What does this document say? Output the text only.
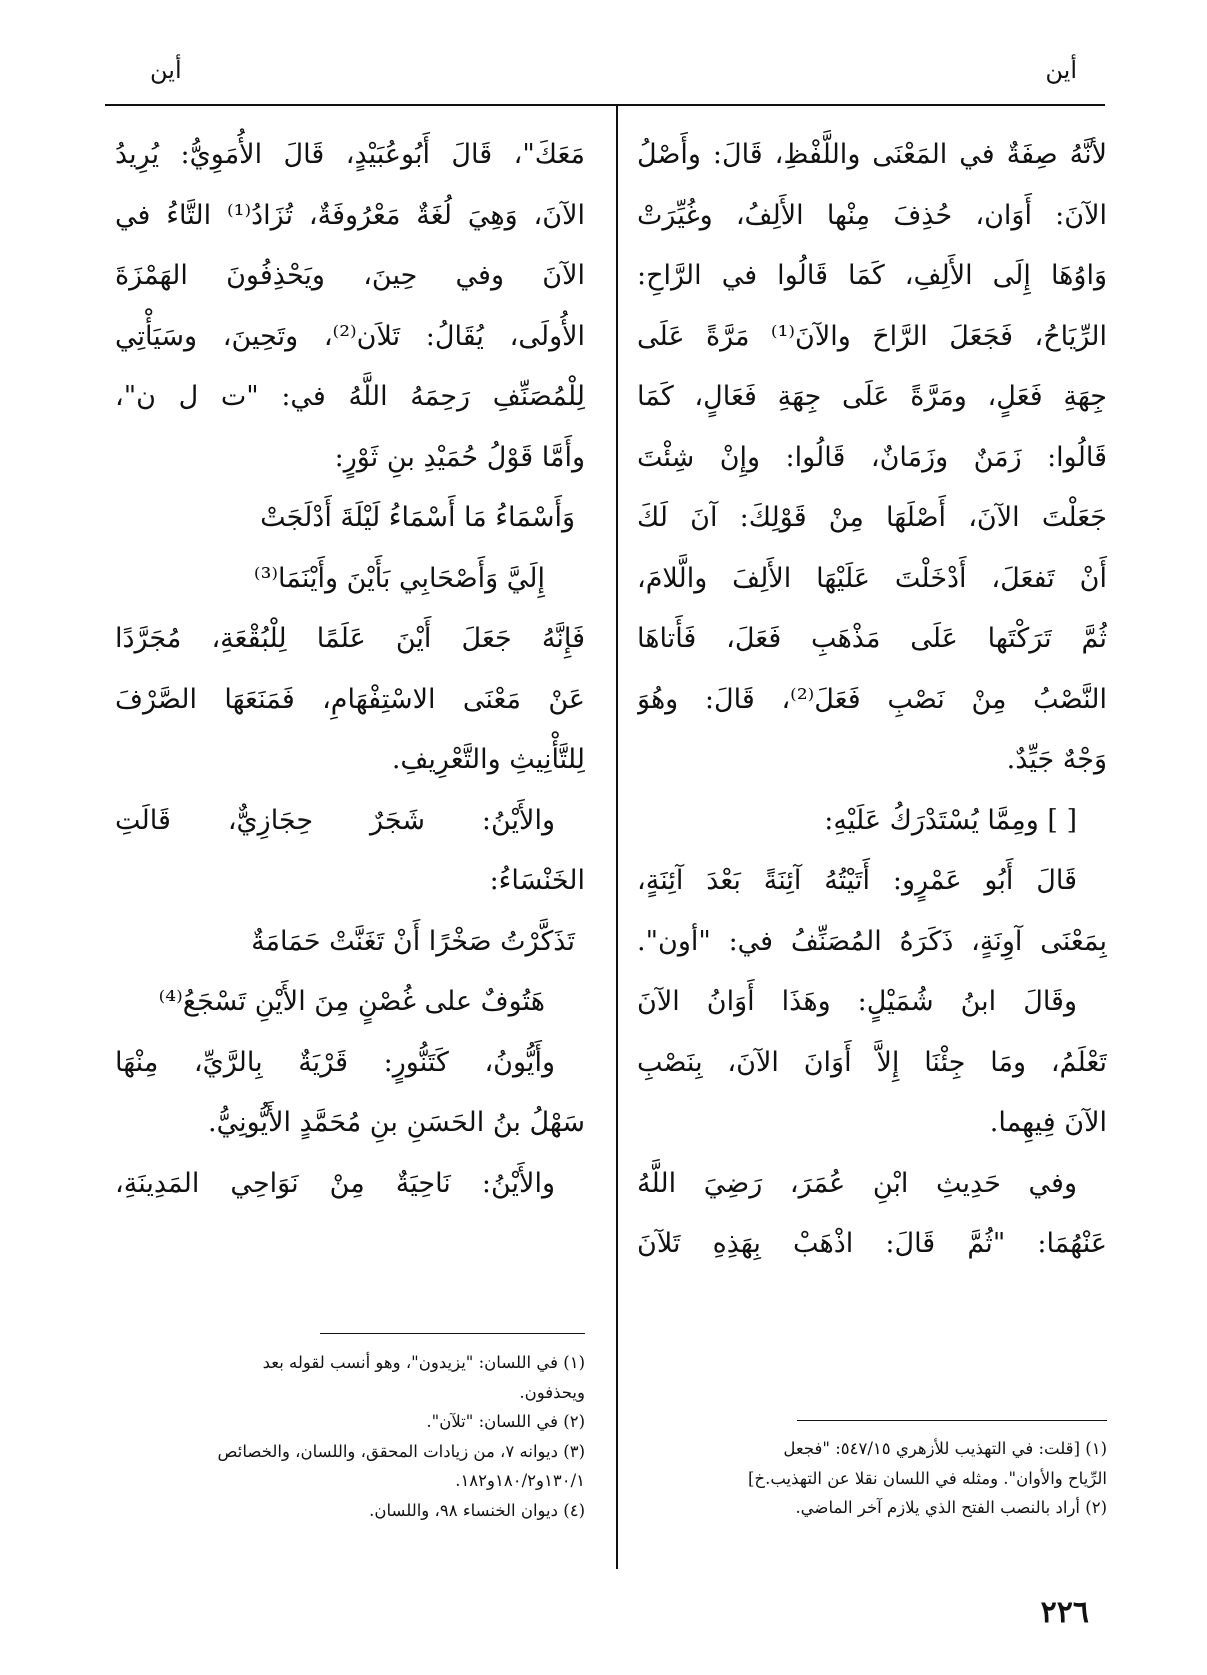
أين
أين
لأنَّهُ صِفَةٌ في المَعْنَى واللَّفْظِ، قَالَ: وأَصْلُ
الآنَ: أَوَان، حُذِفَ مِنْها الأَلِفُ، وغُيِّرَتْ
وَاوُهَا إِلَى الأَلِفِ، كَمَا قَالُوا في الرَّاحِ:
الرِّيَاحُ، فَجَعَلَ الرَّاحَ والآنَ⁽¹⁾ مَرَّةً عَلَى
جِهَةِ فَعَلٍ، ومَرَّةً عَلَى جِهَةِ فَعَالٍ، كَمَا
قَالُوا: زَمَنٌ وزَمَانٌ، قَالُوا: وإِنْ شِئْتَ
جَعَلْتَ الآنَ، أَصْلَهَا مِنْ قَوْلِكَ: آنَ لَكَ
أَنْ تَفعَلَ، أَدْخَلْتَ عَلَيْهَا الأَلِفَ والَّلامَ،
ثُمَّ تَرَكْتَها عَلَى مَذْهَبِ فَعَلَ، فَأَتاهَا
النَّصْبُ مِنْ نَصْبِ فَعَلَ⁽²⁾، قَالَ: وهُوَ
وَجْهٌ جَيِّدٌ.
[ ] ومِمَّا يُسْتَدْرَكُ عَلَيْهِ:
قَالَ أَبُو عَمْرٍو: أَتَيْتُهُ آئِنَةً بَعْدَ آئِنَةٍ،
بِمَعْنَى آوِنَةٍ، ذَكَرَهُ المُصَنِّفُ في: "أون".
وقَالَ ابنُ شُمَيْلٍ: وهَذَا أَوَانُ الآنَ
تَعْلَمُ، ومَا جِئْنَا إِلاَّ أَوَانَ الآنَ، بِنَصْبِ
الآنَ فِيهِما.
وفي حَدِيثِ ابْنِ عُمَرَ، رَضِيَ اللَّهُ
عَنْهُمَا: "ثُمَّ قَالَ: اذْهَبْ بِهَذِهِ تَلآنَ
(١) [قلت: في التهذيب للأزهري ٥٤٧/١٥: "فجعل
الرِّياح والأوان". ومثله في اللسان نقلا عن التهذيب.خ]
(٢) أراد بالنصب الفتح الذي يلازم آخر الماضي.
مَعَكَ"، قَالَ أَبُوعُبَيْدٍ، قَالَ الأُمَوِيُّ: يُرِيدُ
الآنَ، وَهِيَ لُغَةٌ مَعْرُوفَةٌ، تُزَادُ⁽¹⁾ التَّاءُ في
الآنَ وفي حِينَ، ويَحْذِفُونَ الهَمْزَةَ
الأُولَى، يُقَالُ: تَلاَن⁽²⁾، وتَحِينَ، وسَيَأْتِي
لِلْمُصَنِّفِ رَحِمَهُ اللَّهُ في: "ت ل ن"،
وأَمَّا قَوْلُ حُمَيْدِ بنِ ثَوْرٍ:
وَأَسْمَاءُ مَا أَسْمَاءُ لَيْلَةَ أَدْلَجَتْ
إِلَيَّ وَأَصْحَابِي بَأَيْنَ وأَيْنَمَا⁽³⁾
فَإِنَّهُ جَعَلَ أَيْنَ عَلَمًا لِلْبُقْعَةِ، مُجَرَّدًا
عَنْ مَعْنَى الاسْتِفْهَامِ، فَمَنَعَهَا الصَّرْفَ
لِلتَّأْنِيثِ والتَّعْرِيفِ.
والأَيْنُ: شَجَرٌ حِجَازِيٌّ، قَالَتِ
الخَنْسَاءُ:
تَذَكَّرْتُ صَخْرًا أَنْ تَغَنَّتْ حَمَامَةٌ
هَتُوفٌ على غُصْنٍ مِنَ الأَيْنِ تَسْجَعُ⁽⁴⁾
وأَيُّونُ، كَتَنُّورٍ: قَرْيَةٌ بِالرَّيِّ، مِنْهَا
سَهْلُ بنُ الحَسَنِ بنِ مُحَمَّدٍ الأَيُّونِيُّ.
والأَيْنُ: نَاحِيَةٌ مِنْ نَوَاحِي المَدِينَةِ،
(١) في اللسان: "يزيدون"، وهو أنسب لقوله بعد
ويحذفون.
(٢) في اللسان: "تلآن".
(٣) ديوانه ٧، من زيادات المحقق، واللسان، والخصائص
١٣٠/١و١٨٠/٢و١٨٢.
(٤) ديوان الخنساء ٩٨، واللسان.
٢٢٦
